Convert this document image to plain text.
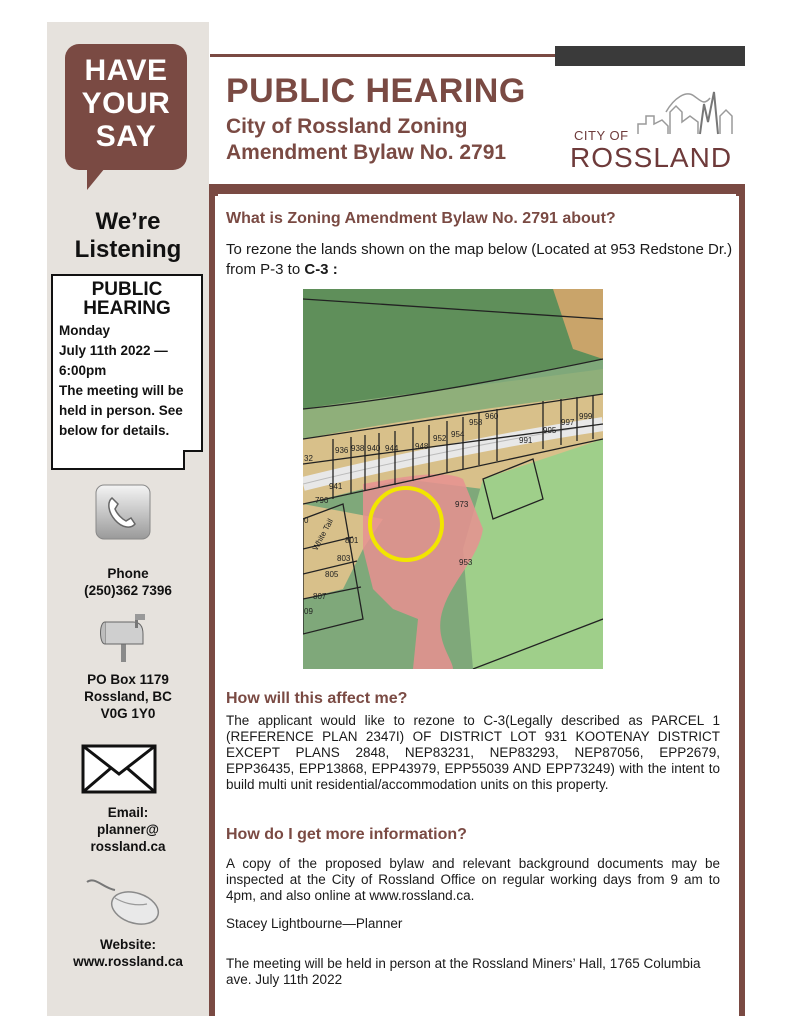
HAVE
YOUR
SAY
We’re
Listening
PUBLIC
HEARING
Monday
July 11th 2022 —
6:00pm
The meeting will be
held in person. See
below for details.
Phone
(250)362 7396
PO Box 1179
Rossland, BC
V0G 1Y0
Email:
planner@
rossland.ca
Website:
www.rossland.ca
PUBLIC HEARING
City of Rossland Zoning
Amendment Bylaw No. 2791
CITY OF
ROSSLAND
What is Zoning Amendment Bylaw No. 2791 about?
To rezone the lands shown on the map below (Located at 953 Redstone Dr.) from P-3 to C-3 :
936 938 940 944 948
952 954
958
960
991
995
997
999
941
796	973
801
803
805
807
953
White Tail
32
09
0
How will this affect me?
The applicant would like to rezone to C-3(Legally described as PARCEL 1 (REFERENCE PLAN 2347I) OF DISTRICT LOT 931 KOOTENAY DISTRICT EXCEPT PLANS 2848, NEP83231, NEP83293, NEP87056, EPP2679, EPP36435, EPP13868, EPP43979, EPP55039 AND EPP73249) with the intent to build multi unit residential/accommodation units on this property.
How do I get more information?
A copy of the proposed bylaw and relevant background documents may be inspected at the City of Rossland Office on regular working days from 9 am to 4pm, and also online at www.rossland.ca.
Stacey Lightbourne—Planner
The meeting will be held in person at the Rossland Miners’ Hall, 1765 Columbia ave. July 11th 2022
